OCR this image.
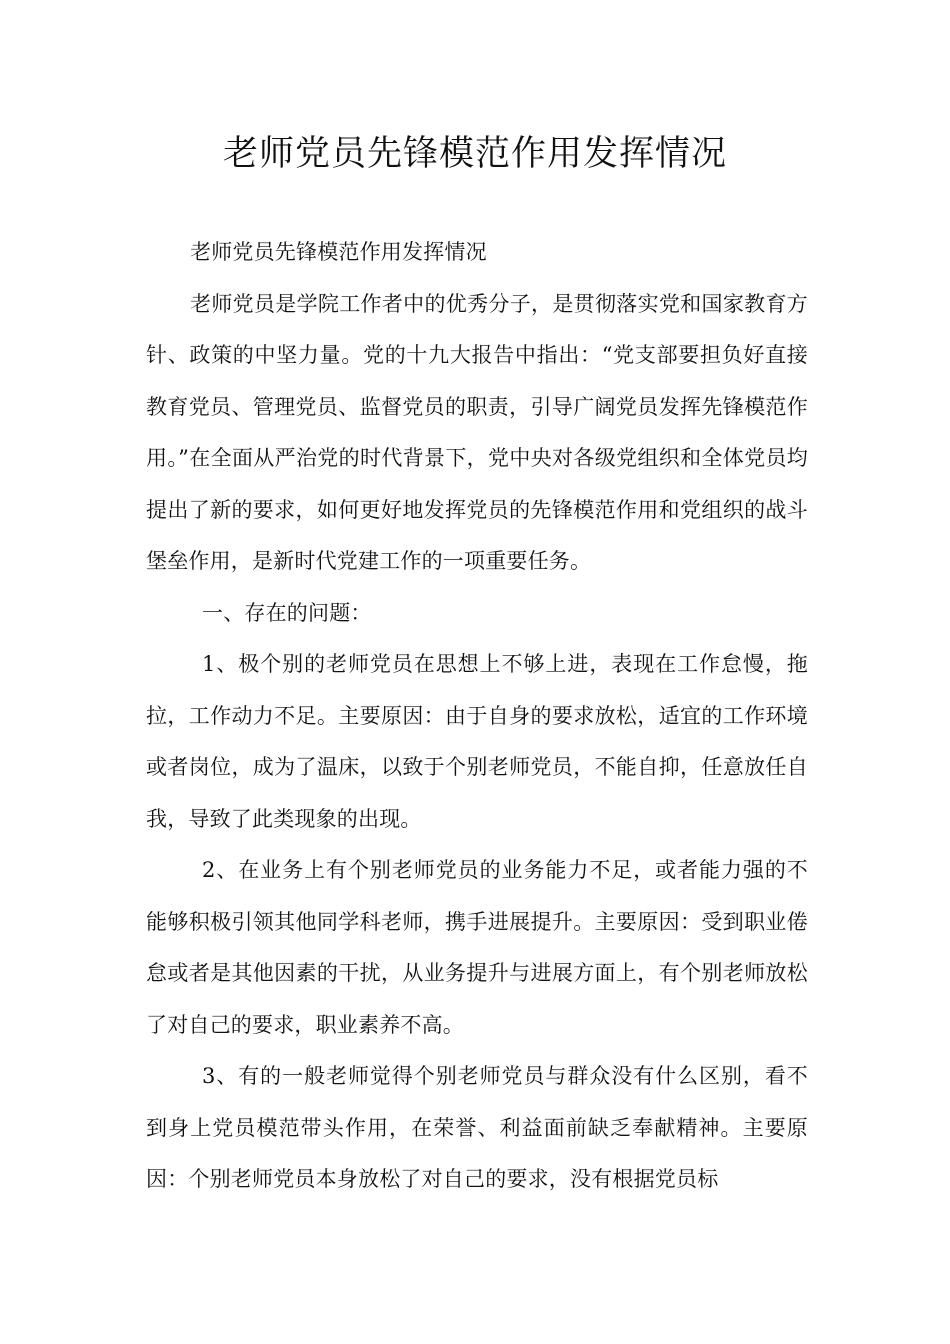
老师党员先锋模范作用发挥情况

老师党员先锋模范作用发挥情况

老师党员是学院工作者中的优秀分子，是贯彻落实党和国家教育方针、政策的中坚力量。党的十九大报告中指出：“党支部要担负好直接教育党员、管理党员、监督党员的职责，引导广阔党员发挥先锋模范作用。”在全面从严治党的时代背景下，党中央对各级党组织和全体党员均提出了新的要求，如何更好地发挥党员的先锋模范作用和党组织的战斗堡垒作用，是新时代党建工作的一项重要任务。

一、存在的问题：

1、极个别的老师党员在思想上不够上进，表现在工作怠慢，拖拉，工作动力不足。主要原因：由于自身的要求放松，适宜的工作环境或者岗位，成为了温床，以致于个别老师党员，不能自抑，任意放任自我，导致了此类现象的出现。

2、在业务上有个别老师党员的业务能力不足，或者能力强的不能够积极引领其他同学科老师，携手进展提升。主要原因：受到职业倦怠或者是其他因素的干扰，从业务提升与进展方面上，有个别老师放松了对自己的要求，职业素养不高。

3、有的一般老师觉得个别老师党员与群众没有什么区别，看不到身上党员模范带头作用，在荣誉、利益面前缺乏奉献精神。主要原因：个别老师党员本身放松了对自己的要求，没有根据党员标
